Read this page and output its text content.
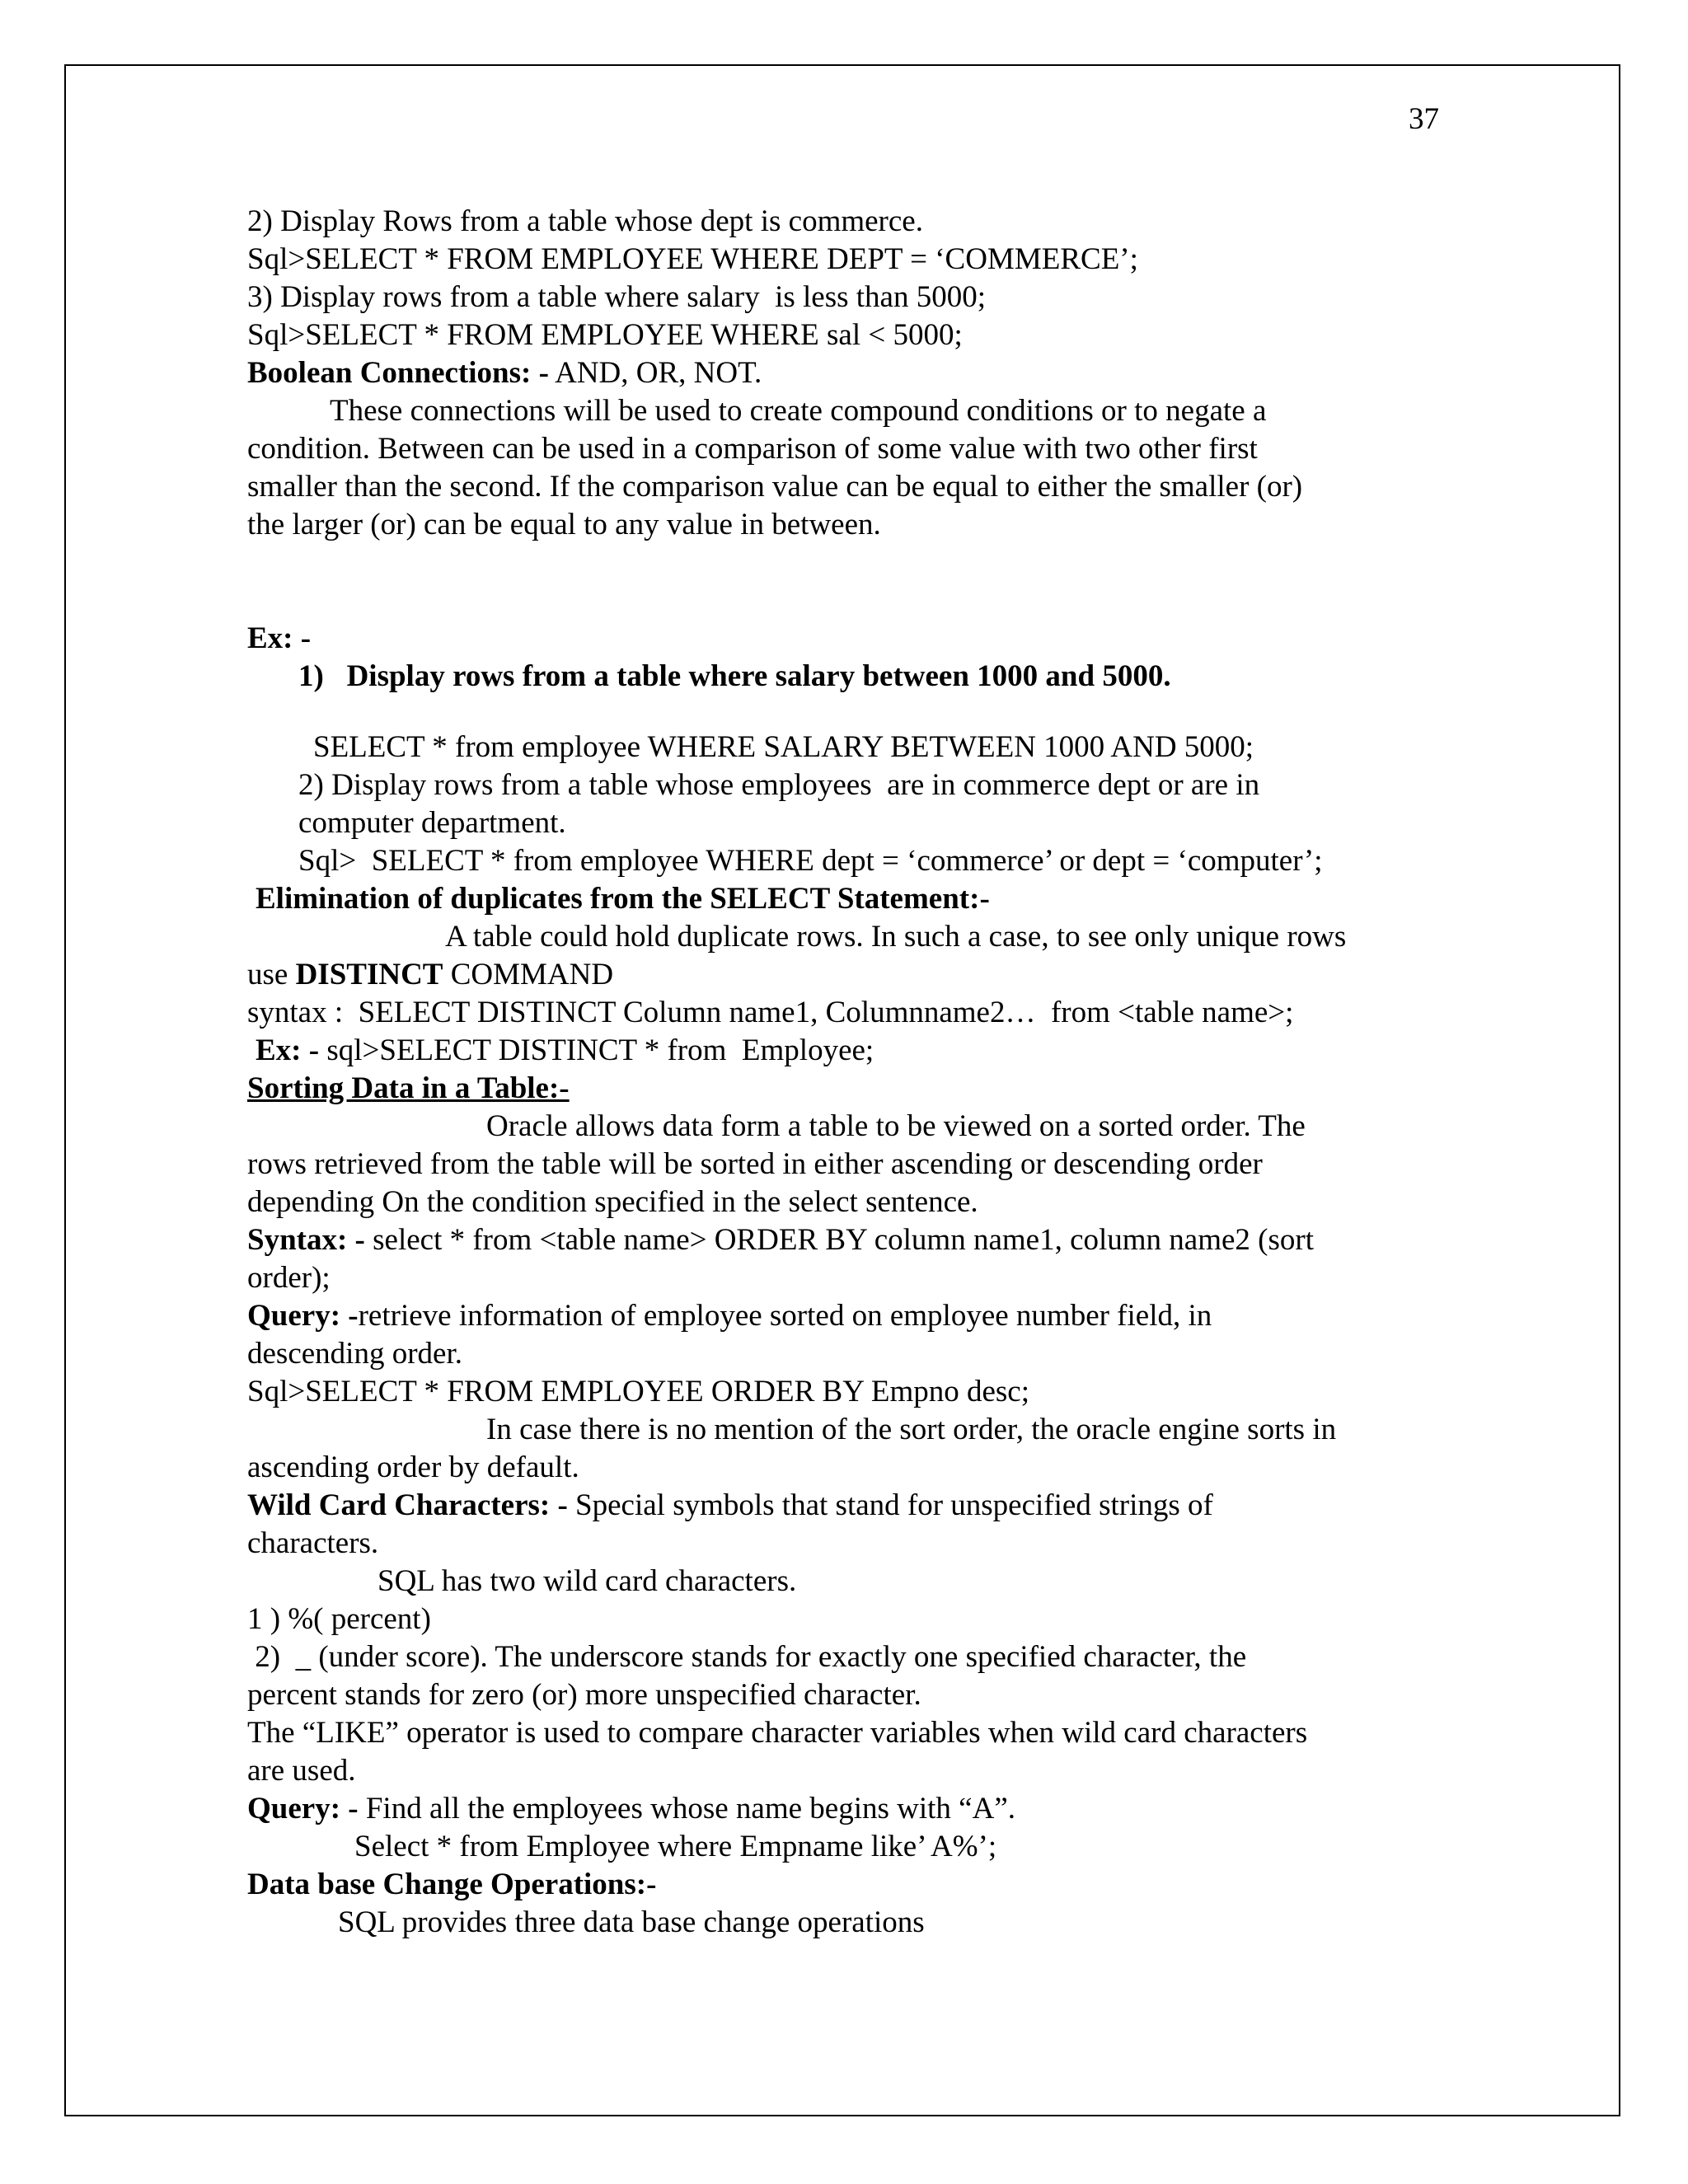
37
2) Display Rows from a table whose dept is commerce.
Sql>SELECT * FROM EMPLOYEE WHERE DEPT = ‘COMMERCE’;
3) Display rows from a table where salary  is less than 5000;
Sql>SELECT * FROM EMPLOYEE WHERE sal < 5000;
Boolean Connections: - AND, OR, NOT.
These connections will be used to create compound conditions or to negate a
condition. Between can be used in a comparison of some value with two other first
smaller than the second. If the comparison value can be equal to either the smaller (or)
the larger (or) can be equal to any value in between.
Ex: -
1)   Display rows from a table where salary between 1000 and 5000.
SELECT * from employee WHERE SALARY BETWEEN 1000 AND 5000;
2) Display rows from a table whose employees  are in commerce dept or are in
computer department.
Sql>  SELECT * from employee WHERE dept = ‘commerce’ or dept = ‘computer’;
Elimination of duplicates from the SELECT Statement:-
A table could hold duplicate rows. In such a case, to see only unique rows
use DISTINCT COMMAND
syntax :  SELECT DISTINCT Column name1, Columnname2…  from <table name>;
Ex: - sql>SELECT DISTINCT * from  Employee;
Sorting Data in a Table:-
Oracle allows data form a table to be viewed on a sorted order. The
rows retrieved from the table will be sorted in either ascending or descending order
depending On the condition specified in the select sentence.
Syntax: - select * from <table name> ORDER BY column name1, column name2 (sort
order);
Query: -retrieve information of employee sorted on employee number field, in
descending order.
Sql>SELECT * FROM EMPLOYEE ORDER BY Empno desc;
In case there is no mention of the sort order, the oracle engine sorts in
ascending order by default.
Wild Card Characters: - Special symbols that stand for unspecified strings of
characters.
SQL has two wild card characters.
1 ) %( percent)
2)  _ (under score). The underscore stands for exactly one specified character, the
percent stands for zero (or) more unspecified character.
The “LIKE” operator is used to compare character variables when wild card characters
are used.
Query: - Find all the employees whose name begins with “A”.
Select * from Employee where Empname like’ A%’;
Data base Change Operations:-
SQL provides three data base change operations
